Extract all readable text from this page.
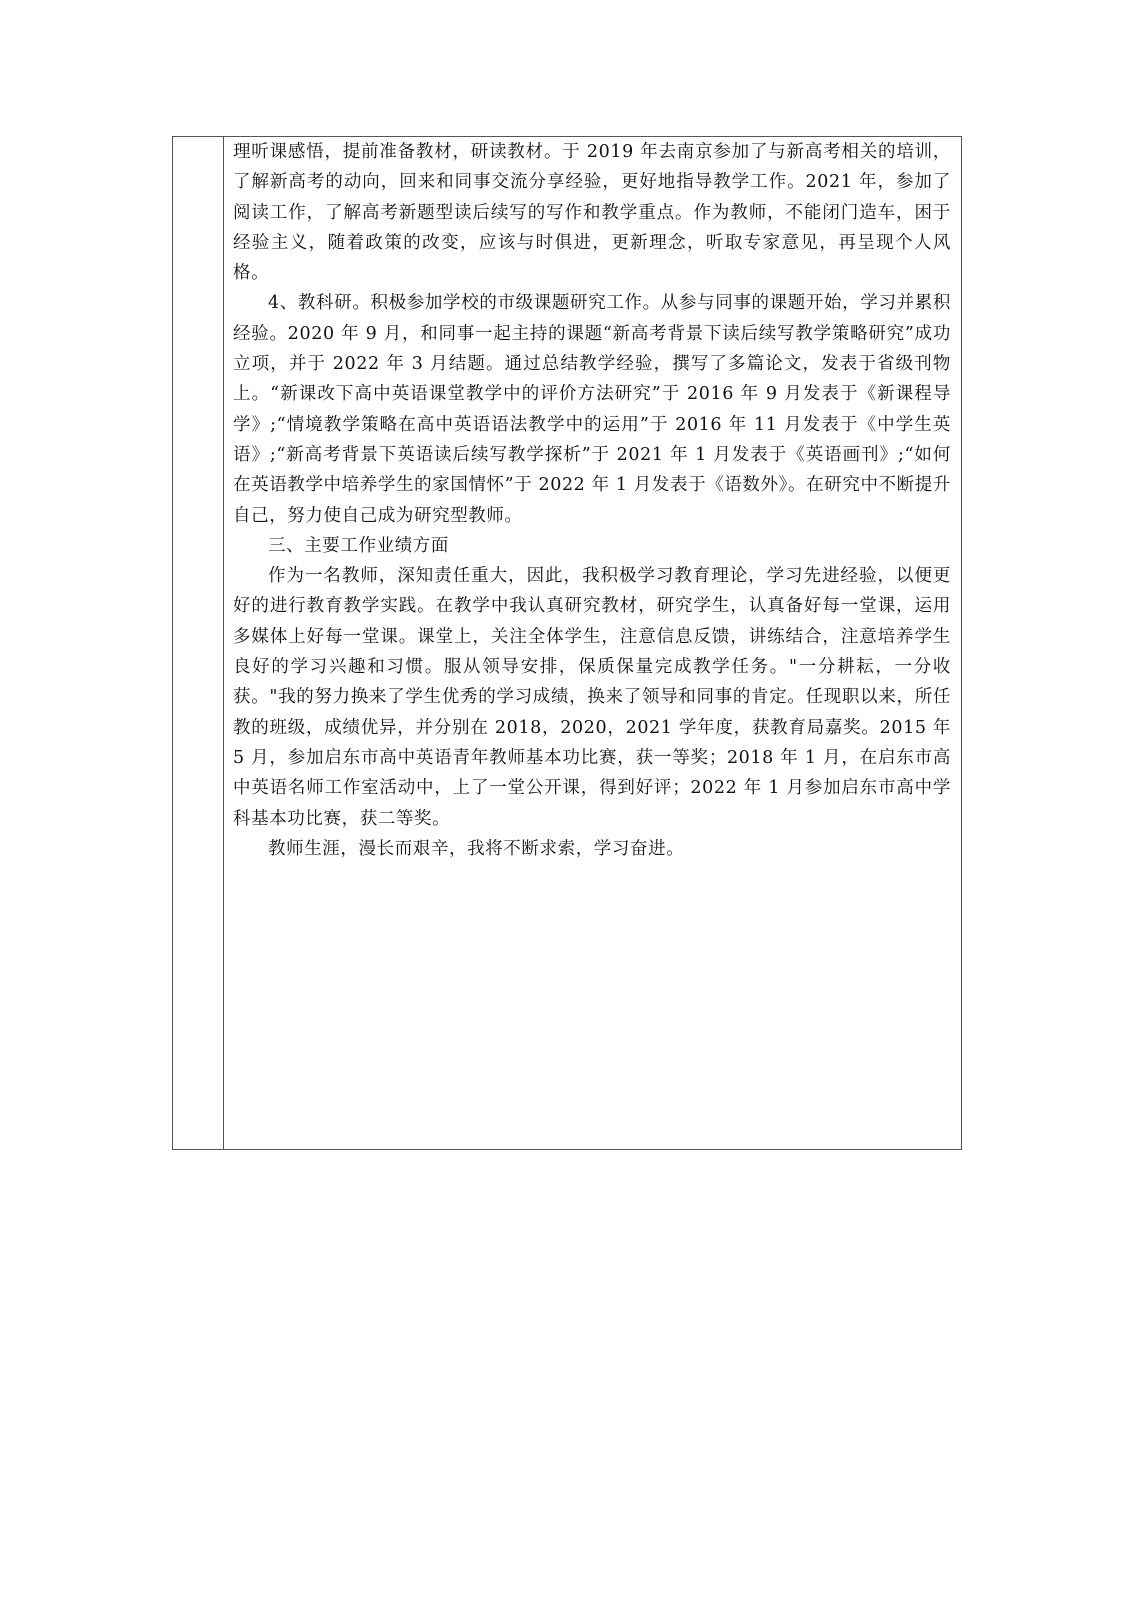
理听课感悟，提前准备教材，研读教材。于 2019 年去南京参加了与新高考相关的培训，了解新高考的动向，回来和同事交流分享经验，更好地指导教学工作。2021 年，参加了阅读工作，了解高考新题型读后续写的写作和教学重点。作为教师，不能闭门造车，困于经验主义，随着政策的改变，应该与时俱进，更新理念，听取专家意见，再呈现个人风格。

4、教科研。积极参加学校的市级课题研究工作。从参与同事的课题开始，学习并累积经验。2020 年 9 月，和同事一起主持的课题“新高考背景下读后续写教学策略研究”成功立项，并于 2022 年 3 月结题。通过总结教学经验，撰写了多篇论文，发表于省级刊物上。“新课改下高中英语课堂教学中的评价方法研究”于 2016 年 9 月发表于《新课程导学》;“情境教学策略在高中英语语法教学中的运用”于 2016 年 11 月发表于《中学生英语》;“新高考背景下英语读后续写教学探析”于 2021 年 1 月发表于《英语画刊》;“如何在英语教学中培养学生的家国情怀”于 2022 年 1 月发表于《语数外》。在研究中不断提升自己，努力使自己成为研究型教师。

三、主要工作业绩方面

作为一名教师，深知责任重大，因此，我积极学习教育理论，学习先进经验，以便更好的进行教育教学实践。在教学中我认真研究教材，研究学生，认真备好每一堂课，运用多媒体上好每一堂课。课堂上，关注全体学生，注意信息反馈，讲练结合，注意培养学生良好的学习兴趣和习惯。服从领导安排，保质保量完成教学任务。"一分耕耘，一分收获。"我的努力换来了学生优秀的学习成绩，换来了领导和同事的肯定。任现职以来，所任教的班级，成绩优异，并分别在 2018，2020，2021 学年度，获教育局嘉奖。2015 年 5 月，参加启东市高中英语青年教师基本功比赛，获一等奖；2018 年 1 月，在启东市高中英语名师工作室活动中，上了一堂公开课，得到好评；2022 年 1 月参加启东市高中学科基本功比赛，获二等奖。

教师生涯，漫长而艰辛，我将不断求索，学习奋进。
